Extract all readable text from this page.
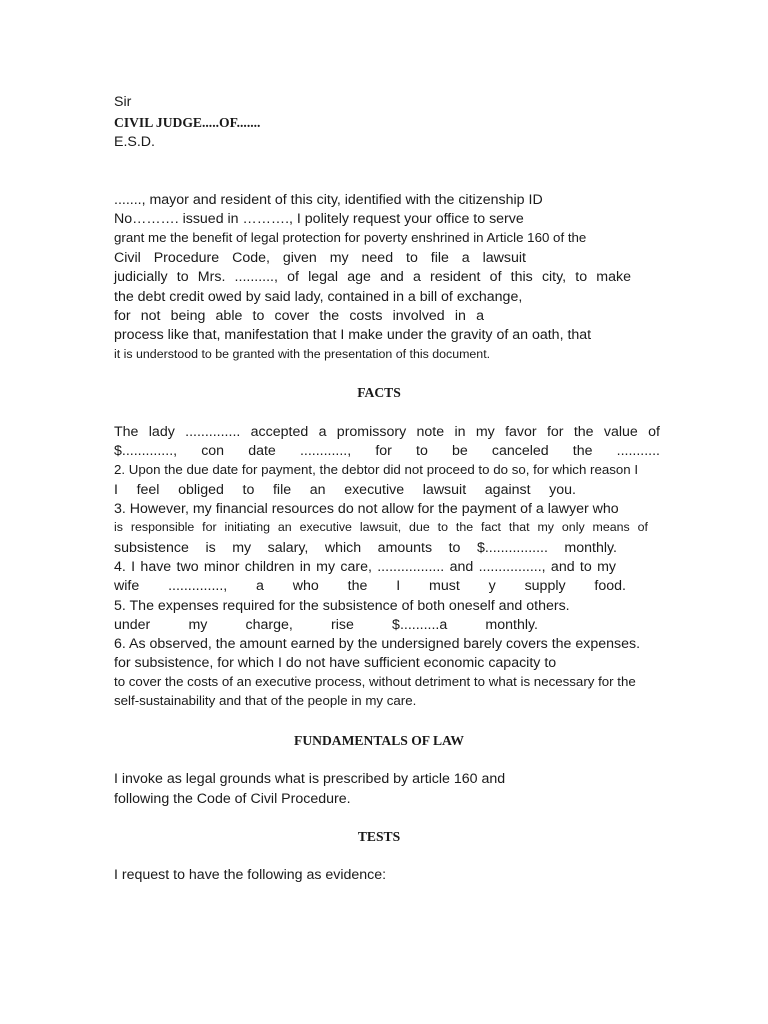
Sir
CIVIL JUDGE.....OF.......
E.S.D.
......., mayor and resident of this city, identified with the citizenship ID
No………. issued in ………., I politely request your office to serve
grant me the benefit of legal protection for poverty enshrined in Article 160 of the
Civil Procedure Code, given my need to file a lawsuit
judicially to Mrs. .........., of legal age and a resident of this city, to make
the debt credit owed by said lady, contained in a bill of exchange,
for not being able to cover the costs involved in a
process like that, manifestation that I make under the gravity of an oath, that
it is understood to be granted with the presentation of this document.
FACTS
The lady .............. accepted a promissory note in my favor for the value of
$............., con date ............, for to be canceled the ...........
2. Upon the due date for payment, the debtor did not proceed to do so, for which reason I
I feel obliged to file an executive lawsuit against you.
3. However, my financial resources do not allow for the payment of a lawyer who
is responsible for initiating an executive lawsuit, due to the fact that my only means of
subsistence is my salary, which amounts to $................ monthly.
4. I have two minor children in my care, ................. and ................, and to my
wife .............., a who the I must y supply food.
5. The expenses required for the subsistence of both oneself and others.
under my charge, rise $..........a monthly.
6. As observed, the amount earned by the undersigned barely covers the expenses.
for subsistence, for which I do not have sufficient economic capacity to
to cover the costs of an executive process, without detriment to what is necessary for the
self-sustainability and that of the people in my care.
FUNDAMENTALS OF LAW
I invoke as legal grounds what is prescribed by article 160 and
following the Code of Civil Procedure.
TESTS
I request to have the following as evidence:
